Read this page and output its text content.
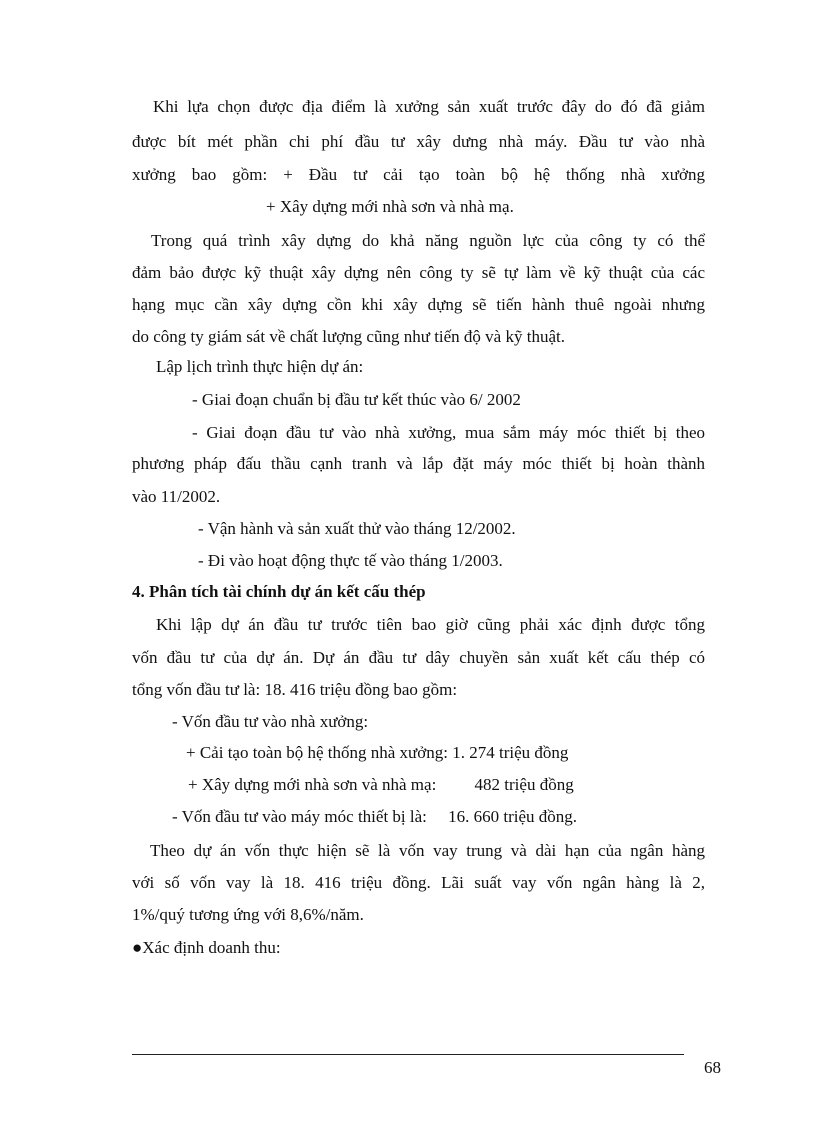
Khi lựa chọn được địa điểm là xưởng sản xuất trước đây do đó đã giảm
được bít mét phần chi phí đầu tư xây dưng nhà máy. Đầu tư vào nhà
xưởng bao gồm: + Đầu tư cải tạo toàn bộ hệ thống nhà xưởng
+ Xây dựng mới nhà sơn và nhà mạ.
Trong quá trình xây dựng do khả năng nguồn lực của công ty có thể
đảm bảo được kỹ thuật xây dựng nên công ty sẽ tự làm về kỹ thuật của các
hạng mục cần xây dựng cồn khi xây dựng sẽ tiến hành thuê ngoài nhưng
do công ty giám sát về chất lượng cũng như tiến độ và kỹ thuật.
Lập lịch trình thực hiện dự án:
- Giai đoạn chuẩn bị đầu tư kết thúc vào 6/ 2002
- Giai đoạn đầu tư vào nhà xưởng, mua sắm máy móc thiết bị theo
phương pháp đấu thầu cạnh tranh và lắp đặt máy móc thiết bị hoàn thành
vào 11/2002.
- Vận hành và sản xuất thử vào tháng 12/2002.
- Đi vào hoạt động thực tế vào tháng 1/2003.
4. Phân tích tài chính dự án kết cấu thép
Khi lập dự án đầu tư trước tiên bao giờ cũng phải xác định được tổng
vốn đầu tư của dự án. Dự án đầu tư dây chuyền sản xuất kết cấu thép có
tổng vốn đầu tư là: 18. 416 triệu đồng bao gồm:
- Vốn đầu tư vào nhà xưởng:
+ Cải tạo toàn bộ hệ thống nhà xưởng: 1. 274 triệu đồng
+ Xây dựng mới nhà sơn và nhà mạ:         482 triệu đồng
- Vốn đầu tư vào máy móc thiết bị là:     16. 660 triệu đồng.
Theo dự án vốn thực hiện sẽ là vốn vay trung và dài hạn của ngân hàng
với số vốn vay là 18. 416 triệu đồng. Lãi suất vay vốn ngân hàng là 2,
1%/quý tương ứng với 8,6%/năm.
●Xác định doanh thu:
68
